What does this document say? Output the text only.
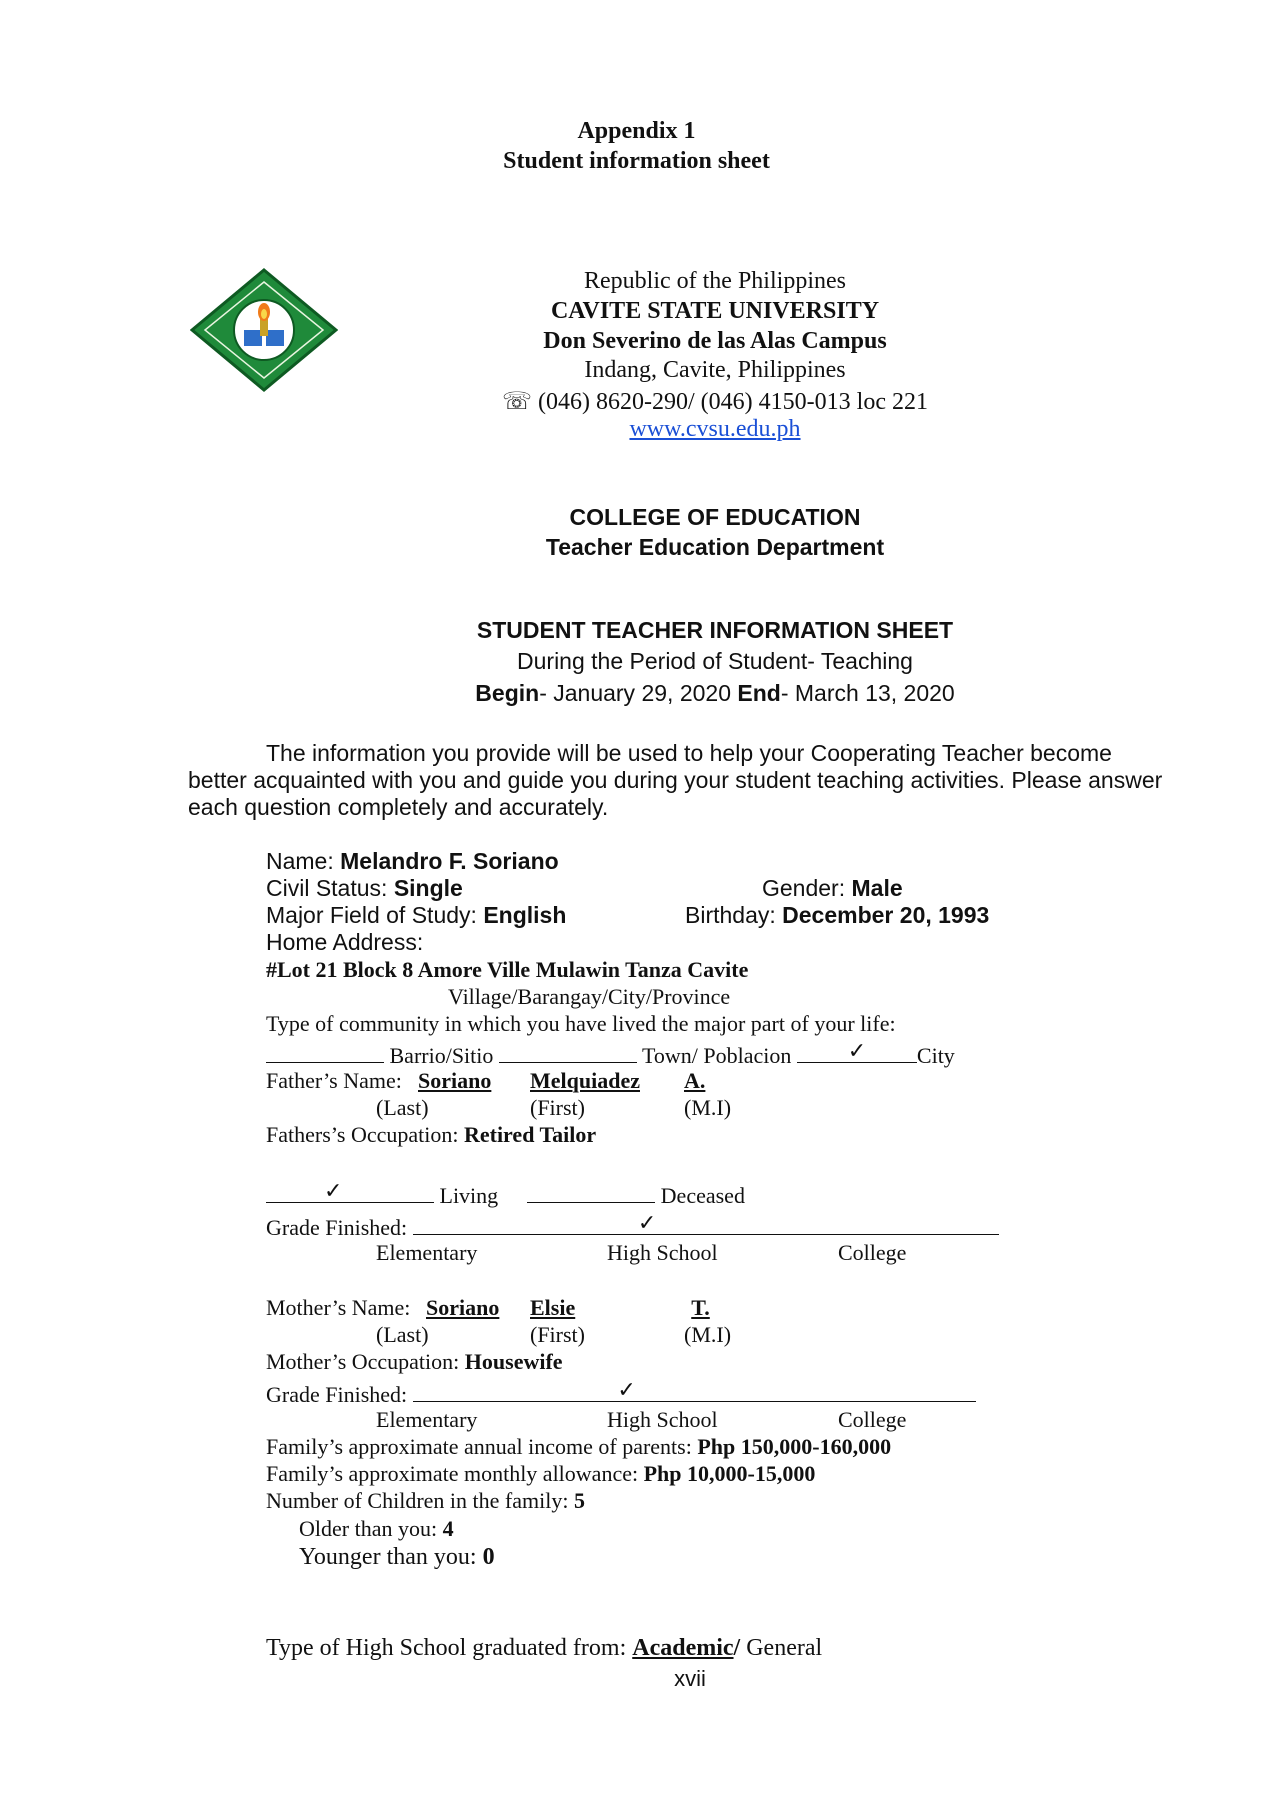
Appendix 1
Student information sheet
Republic of the Philippines
CAVITE STATE UNIVERSITY
Don Severino de las Alas Campus
Indang, Cavite, Philippines
☏ (046) 8620-290/ (046) 4150-013 loc 221
www.cvsu.edu.ph
COLLEGE OF EDUCATION
Teacher Education Department
STUDENT TEACHER INFORMATION SHEET
During the Period of Student- Teaching
Begin- January 29, 2020 End- March 13, 2020
The information you provide will be used to help your Cooperating Teacher become
better acquainted with you and guide you during your student teaching activities. Please answer
each question completely and accurately.
Name: Melandro F. Soriano
Civil Status: Single	Gender: Male
Major Field of Study: English	Birthday: December 20, 1993
Home Address:
#Lot 21 Block 8 Amore Ville Mulawin Tanza Cavite
Village/Barangay/City/Province
Type of community in which you have lived the major part of your life:
Barrio/Sitio	Town/ Poblacion	✓ City
Father’s Name: Soriano	Melquiadez A.
(Last)	(First)	(M.I)
Fathers’s Occupation: Retired Tailor
✓	Living	Deceased
Grade Finished:	✓
Elementary	High School	College
Mother’s Name: Soriano	Elsie	T.
(Last)	(First)	(M.I)
Mother’s Occupation: Housewife
Grade Finished:	✓
Elementary	High School	College
Family’s approximate annual income of parents: Php 150,000-160,000
Family’s approximate monthly allowance: Php 10,000-15,000
Number of Children in the family: 5
Older than you: 4
Younger than you: 0
Type of High School graduated from: Academic/ General
xvii
